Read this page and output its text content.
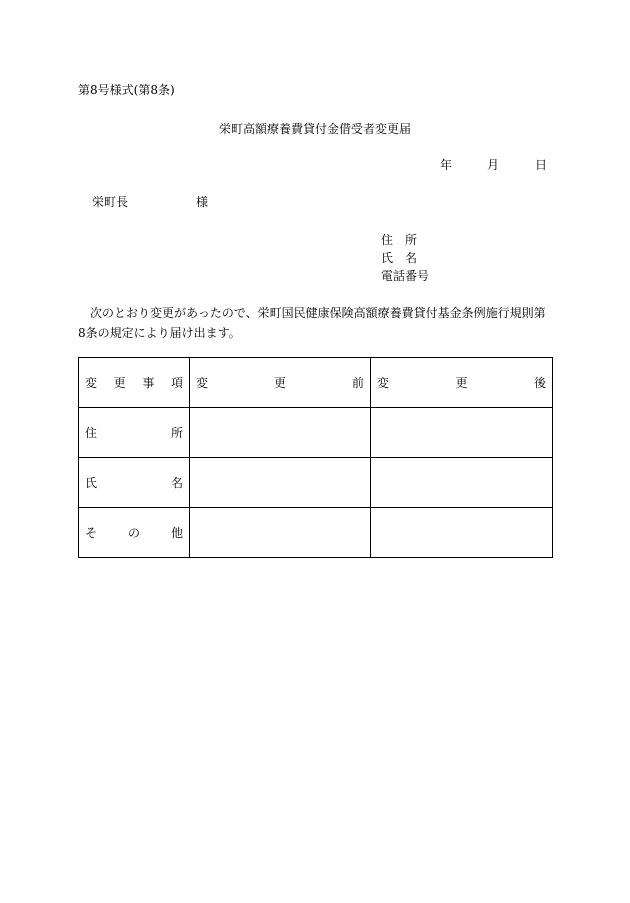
第8号様式(第8条)
栄町高額療養費貸付金借受者変更届
年	月	日
栄町長	様
住　所
氏　名
電話番号
次のとおり変更があったので、栄町国民健康保険高額療養費貸付基金条例施行規則第8条の規定により届け出ます。
変 更 事 項	変 更 前	変 更 後

住 所		

氏 名		

そ の 他		
